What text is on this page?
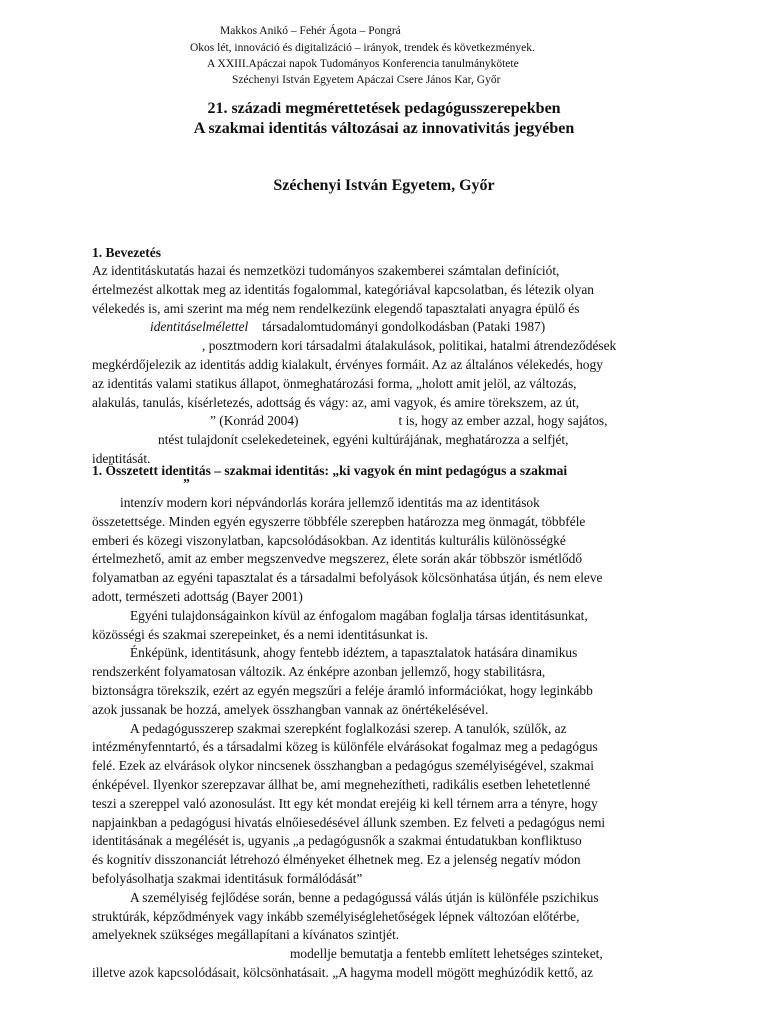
Makkos Anikó – Fehér Ágota – Pongrá
Okos lét, innováció és digitalizáció – irányok, trendek és következmények.
A XXIII.Apáczai napok Tudományos Konferencia tanulmánykötete
Széchenyi István Egyetem Apáczai Csere János Kar, Győr
21. századi megmérettetések pedagógusszerepekben
A szakmai identitás változásai az innovativitás jegyében
Széchenyi István Egyetem, Győr
1. Bevezetés

Az identitáskutatás hazai és nemzetközi tudományos szakemberei számtalan definíciót,

értelmezést alkottak meg az identitás fogalommal, kategóriával kapcsolatban, és létezik olyan

vélekedés is, ami szerint ma még nem rendelkezünk elegendő tapasztalati anyagra épülő és

identitáselmélettel társadalomtudományi gondolkodásban (Pataki 1987)

, posztmodern kori társadalmi átalakulások, politikai, hatalmi átrendeződések

megkérdőjelezik az identitás addig kialakult, érvényes formáit. Az az általános vélekedés, hogy

az identitás valami statikus állapot, önmeghatározási forma, „holott amit jelöl, az változás,

alakulás, tanulás, kísérletezés, adottság és vágy: az, ami vagyok, és amire törekszem, az út,

” (Konrád 2004)	t is, hogy az ember azzal, hogy sajátos,

ntést tulajdonít cselekedeteinek, egyéni kultúrájának, meghatározza a selfjét,

identitását.

1. Összetett identitás – szakmai identitás: „ki vagyok én mint pedagógus a szakmai
”

intenzív modern kori népvándorlás korára jellemző identitás ma az identitások
összetettsége. Minden egyén egyszerre többféle szerepben határozza meg önmagát, többféle
emberi és közegi viszonylatban, kapcsolódásokban. Az identitás kulturális különösségké
értelmezhető, amit az ember megszenvedve megszerez, élete során akár többször ismétlődő
folyamatban az egyéni tapasztalat és a társadalmi befolyások kölcsönhatása útján, és nem eleve
adott, természeti adottság (Bayer 2001)

Egyéni tulajdonságainkon kívül az énfogalom magában foglalja társas identitásunkat,
közösségi és szakmai szerepeinket, és a nemi identitásunkat is.

Énképünk, identitásunk, ahogy fentebb idéztem, a tapasztalatok hatására dinamikus
rendszerként folyamatosan változik. Az énképre azonban jellemző, hogy stabilitásra,
biztonságra törekszik, ezért az egyén megszűri a feléje áramló információkat, hogy leginkább
azok jussanak be hozzá, amelyek összhangban vannak az önértékelésével.

A pedagógusszerep szakmai szerepként foglalkozási szerep. A tanulók, szülők, az
intézményfenntartó, és a társadalmi közeg is különféle elvárásokat fogalmaz meg a pedagógus
felé. Ezek az elvárások olykor nincsenek összhangban a pedagógus személyiségével, szakmai
énképével. Ilyenkor szerepzavar állhat be, ami megnehezítheti, radikális esetben lehetetlenné
teszi a szereppel való azonosulást. Itt egy két mondat erejéig ki kell térnem arra a tényre, hogy
napjainkban a pedagógusi hivatás elnőiesedésével állunk szemben. Ez felveti a pedagógus nemi
identitásának a megélését is, ugyanis „a pedagógusnők a szakmai éntudatukban konfliktuso
és kognitív disszonanciát létrehozó élményeket élhetnek meg. Ez a jelenség negatív módon
befolyásolhatja szakmai identitásuk formálódását”

A személyiség fejlődése során, benne a pedagógussá válás útján is különféle pszichikus
struktúrák, képződmények vagy inkább személyiséglehetőségek lépnek változóan előtérbe,
amelyeknek szükséges megállapítani a kívánatos szintjét.

modellje bemutatja a fentebb említett lehetséges szinteket,
illetve azok kapcsolódásait, kölcsönhatásait. „A hagyma modell mögött meghúzódik kettő, az
